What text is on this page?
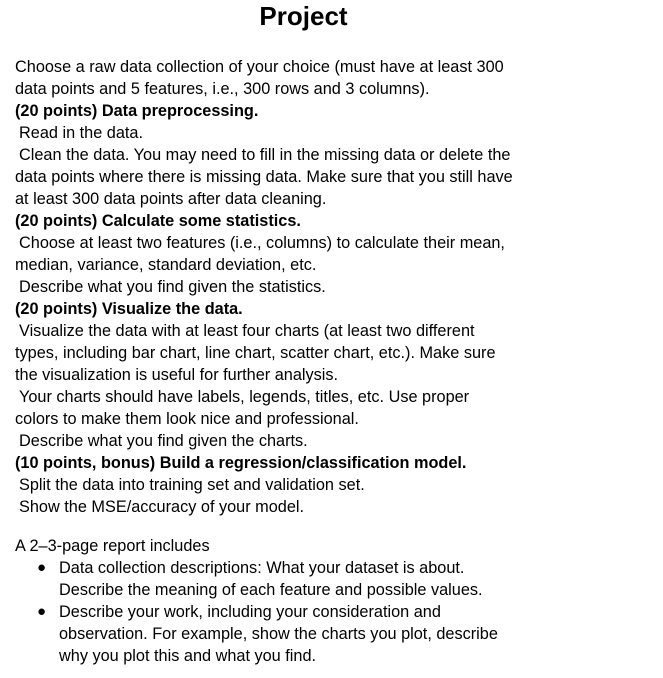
Project

Choose a raw data collection of your choice (must have at least 300

data points and 5 features, i.e., 300 rows and 3 columns).

(20 points) Data preprocessing.

Read in the data.

Clean the data. You may need to fill in the missing data or delete the

data points where there is missing data. Make sure that you still have

at least 300 data points after data cleaning.

(20 points) Calculate some statistics.

Choose at least two features (i.e., columns) to calculate their mean,

median, variance, standard deviation, etc.

Describe what you find given the statistics.

(20 points) Visualize the data.

Visualize the data with at least four charts (at least two different

types, including bar chart, line chart, scatter chart, etc.). Make sure

the visualization is useful for further analysis.

Your charts should have labels, legends, titles, etc. Use proper

colors to make them look nice and professional.

Describe what you find given the charts.

(10 points, bonus) Build a regression/classification model.

Split the data into training set and validation set.

Show the MSE/accuracy of your model.

A 2–3-page report includes

● Data collection descriptions: What your dataset is about.
Describe the meaning of each feature and possible values.
● Describe your work, including your consideration and
observation. For example, show the charts you plot, describe
why you plot this and what you find.
